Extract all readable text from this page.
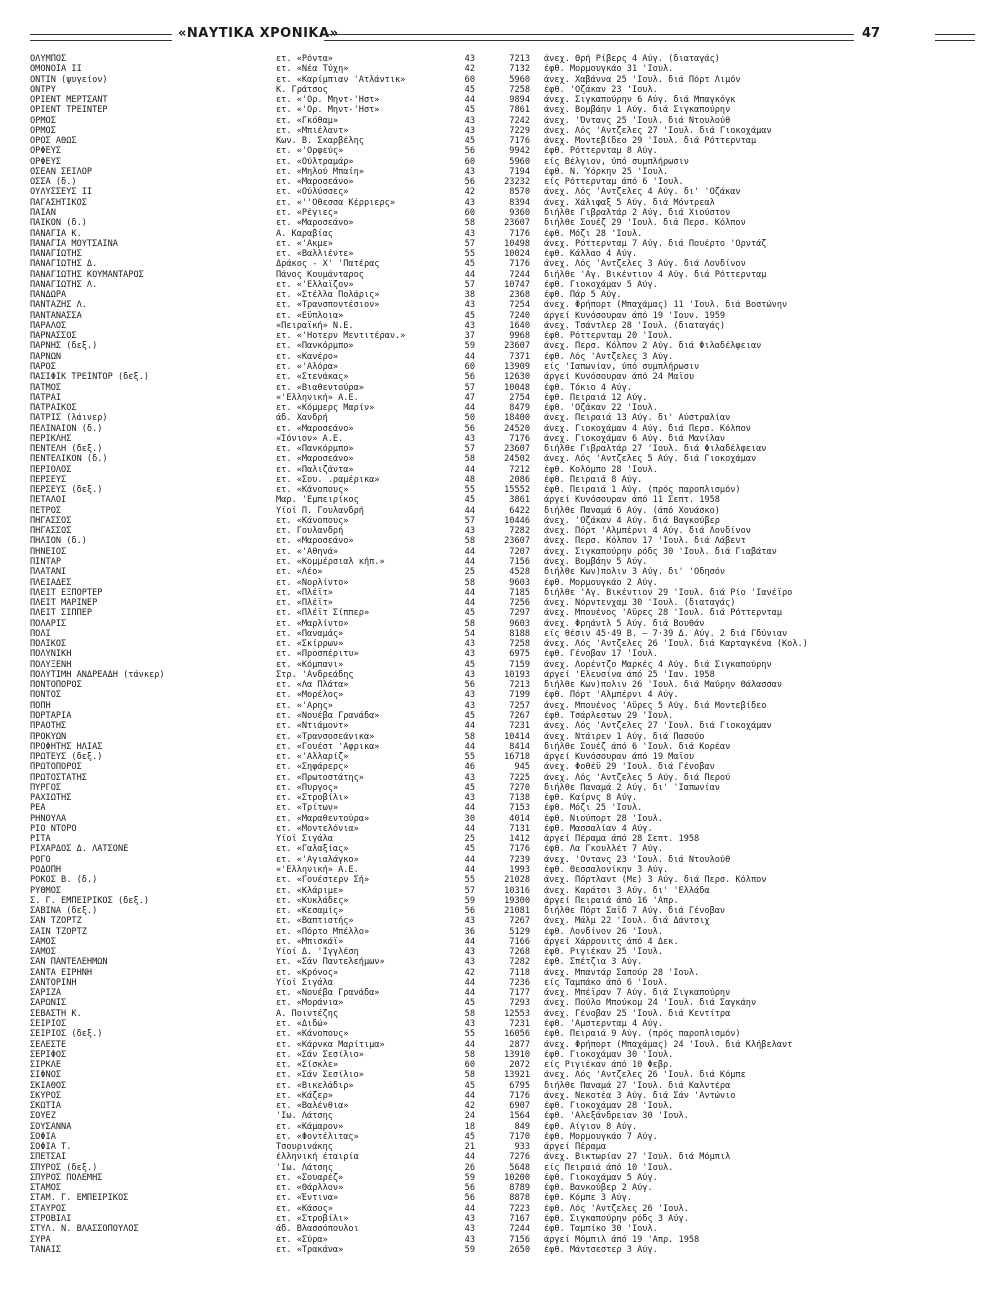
«ΝΑΥΤΙΚΑ ΧΡΟΝΙΚΑ»	47
ΟΛΥΜΠΟΣ	ετ. «Ρόντα»	43	7213 άνεχ. Θρή Ρίβερς 4 Αύγ. (διαταγάς)
ΟΜΟΝΟΙΑ ΙΙ	ετ. «Νέα Τύχη»	42	7132 έφθ. Μορμουγκάο 31 'Ιουλ.
ΟΝΤΙΝ (ψυγείον)	ετ. «Καρίμπιαν 'Ατλάντικ»	60	5960 άνεχ. Χαβάννα 25 'Ιουλ. διά Πόρτ Λιμόν
ΟΝΤΡΥ	Κ. Γράτσος	45	7258 έφθ. 'Οζάκαν 23 'Ιουλ.
ΟΡΙΕΝΤ ΜΕΡΤΣΑΝΤ	ετ. «'Ορ. Μηντ-'Ηστ»	44	9894 άνεχ. Σιγκαπούρην 6 Αύγ. διά Μπαγκόγκ
ΟΡΙΕΝΤ ΤΡΕΪΝΤΕΡ	ετ. «'Ορ. Μηντ-'Ηστ»	45	7861 άνεχ. Βομβάην 1 Αύγ. διά Σιγκαπούρην
ΟΡΜΟΣ	ετ. «Γκόθαμ»	43	7242 άνεχ. 'Όντανς 25 'Ιουλ. διά Ντουλούθ
ΟΡΜΟΣ	ετ. «Μπιέλαντ»	43	7229 άνεχ. Λός 'Αντζελες 27 'Ιουλ. διά Γιοκοχάμαν
ΟΡΟΣ ΑΘΩΣ	Κων. Β. Σκαρβέλης	45	7176 άνεχ. Μοντεβίδεο 29 'Ιουλ. διά Ρόττερνταμ
ΟΡΦΕΥΣ	ετ. «'Ορφεύς»	56	9942 έφθ. Ρόττερνταμ 8 Αύγ.
ΟΡΦΕΥΣ	ετ. «Ούλτραμάρ»	60	5960 είς Βέλγιον, ύπό συμπλήρωσιν
ΟΣΕΑΝ ΣΕΪΛΟΡ	ετ. «Μηλού Μπαίη»	43	7194 έφθ. Ν. Ύόρκην 25 'Ιουλ.
ΟΣΣΑ (δ.)	ετ. «Μαροσεάνο»	56	23232 είς Ρόττερνταμ άπό 6 'Ιουλ.
ΟΥΛΥΣΣΕΥΣ ΙΙ	ετ. «Ούλύσσες»	42	8570 άνεχ. Λός 'Αντζελες 4 Αύγ. δι' 'Οζάκαν
ΠΑΓΑΣΗΤΙΚΟΣ	ετ. «''Οθεσσα Κέρριερς»	43	8394 άνεχ. Χάλιφαξ 5 Αύγ. διά Μόντρεαλ
ΠΑΙΑΝ	ετ. «Ρέγιες»	60	9360 διήλθε Γιβραλτάρ 2 Αύγ. διά Χιούστον
ΠΑΪΚΟΝ (δ.)	ετ. «Μαροσεάνο»	58	23607 διήλθε Σουέζ 29 'Ιουλ. διά Περσ. Κόλπον
ΠΑΝΑΓΙΑ Κ.	Α. Καραβίας	43	7176 έφθ. Μόζι 28 'Ιουλ.
ΠΑΝΑΓΙΑ ΜΟΥΤΣΑΙΝΑ	ετ. «'Ακμε»	57	10498 άνεχ. Ρόττερνταμ 7 Αύγ. διά Πουέρτο 'Ορντάζ
ΠΑΝΑΓΙΩΤΗΣ	ετ. «Βαλλιέντε»	55	10024 έφθ. Κάλλαο 4 Αύγ.
ΠΑΝΑΓΙΩΤΗΣ Δ.	Δράκος - Χ' 'Πατέρας	45	7176 άνεχ. Λός 'Αντζελες 3 Αύγ. διά Λονδίνον
ΠΑΝΑΓΙΩΤΗΣ ΚΟΥΜΑΝΤΑΡΟΣ	Πάνος Κουμάνταρος	44	7244 διήλθε 'Αγ. Βικέντιον 4 Αύγ. διά Ρόττερνταμ
ΠΑΝΑΓΙΩΤΗΣ Λ.	ετ. «'Ελλαϊζον»	57	10747 έφθ. Γιοκοχάμαν 5 Αύγ.
ΠΑΝΔΩΡΑ	ετ. «Στέλλα Πολάρις»	38	2368 έφθ. Πάρ 5 Αύγ.
ΠΑΝΤΑΖΗΣ Λ.	ετ. «Τρανσποντέσιον»	43	7254 άνεχ. Φρήπορτ (Μπαχάμας) 11 'Ιουλ. διά Βοστώνην
ΠΑΝΤΑΝΑΣΣΑ	ετ. «Εϋπλοια»	45	7240 άργεί Κυνόσουραν άπό 19 'Ιουν. 1959
ΠΑΡΑΛΟΣ	«Πειραϊκή» Ν.Ε.	43	1640 άνεχ. Τσάντλερ 28 'Ιουλ. (διαταγάς)
ΠΑΡΝΑΣΣΟΣ	ετ. «'Ηοτερν Μεντιτέραν.»	37	9968 έφθ. Ρόττερνταμ 20 'Ιουλ.
ΠΑΡΝΗΣ (δεξ.)	ετ. «Πανκόρμπο»	59	23607 άνεχ. Περσ. Κόλπον 2 Αύγ. διά Φιλαδέλφειαν
ΠΑΡΝΩΝ	ετ. «Κανέρο»	44	7371 έφθ. Λός 'Αντζελες 3 Αύγ.
ΠΑΡΟΣ	ετ. «'Αλόρα»	60	13909 είς 'Ιαπωνίαν, ύπό συμπλήρωσιν
ΠΑΣΙΦΙΚ ΤΡΕΪΝΤΟΡ (δεξ.)	ετ. «Στενάκας»	56	12630 άργεί Κυνόσουραν άπό 24 Μαΐου
ΠΑΤΜΟΣ	ετ. «Βιαθεντούρα»	57	10048 έφθ. Τόκιο 4 Αύγ.
ΠΑΤΡΑΙ	«'Ελληνική» Α.Ε.	47	2754 έφθ. Πειραιά 12 Αύγ.
ΠΑΤΡΑΪΚΟΣ	ετ. «Κόμμερς Μαρίν»	44	8479 έφθ. 'Οζάκαν 22 'Ιουλ.
ΠΑΤΡΙΣ (λάινερ)	άδ. Χανδρή	50	18400 άνεχ. Πειραιά 13 Αύγ. δι' Αύστραλίαν
ΠΕΛΙΝΑΙΟΝ (δ.)	ετ. «Μαροσεάνο»	56	24520 άνεχ. Γιοκοχάμαν 4 Αύγ. διά Περσ. Κόλπον
ΠΕΡΙΚΛΗΣ	«Ίόνιον» Α.Ε.	43	7176 άνεχ. Γιοκοχάμαν 6 Αύγ. διά Μανίλαν
ΠΕΝΤΕΛΗ (δεξ.)	ετ. «Πανκόρμπο»	57	23607 διήλθε Γιβραλτάρ 27 'Ιουλ. διά Φιλαδέλφειαν
ΠΕΝΤΕΛΙΚΟΝ (δ.)	ετ. «Μαροσεάνο»	58	24502 άνεχ. Λός 'Αντζελες 5 Αύγ. διά Γιοκοχάμαν
ΠΕΡΙΟΛΟΣ	ετ. «Παλιζάντα»	44	7212 έφθ. Κολόμπο 28 'Ιουλ.
ΠΕΡΣΕΥΣ	ετ. «Σου. .ραμέρικα»	48	2086 έφθ. Πειραιά 8 Αύγ.
ΠΕΡΣΕΥΣ (δεξ.)	ετ. «Κάνοπους»	55	15552 έφθ. Πειραιά 1 Αύγ. (πρός παροπλισμόν)
ΠΕΤΑΛΟΙ	Μαρ. 'Εμπειρίκος	45	3861 άργεί Κυνόσουραν άπό 11 Σεπτ. 1958
ΠΕΤΡΟΣ	Υίοί Π. Γουλανδρή	44	6422 διήλθε Παναμά 6 Αύγ. (άπό Χουάσκο)
ΠΗΓΑΣΣΟΣ	ετ. «Κάνοπους»	57	10446 άνεχ. 'Οζάκαν 4 Αύγ. διά Βαγκούβερ
ΠΗΓΑΣΣΟΣ	ετ. Γουλανδρή	43	7282 άνεχ. Πόρτ 'Αλμπέρνι 4 Αύγ. διά Λονδίνον
ΠΗΛΙΟΝ (δ.)	ετ. «Μαροσεάνο»	58	23607 άνεχ. Περσ. Κόλπον 17 'Ιουλ. διά Λάβεντ
ΠΗΝΕΙΟΣ	ετ. «'Αθηνά»	44	7207 άνεχ. Σιγκαπούρην ρόδς 30 'Ιουλ. διά Γιαβάταν
ΠΙΝΤΑΡ	ετ. «Κομμέρσιαλ κήπ.»	44	7156 άνεχ. Βομβάην 5 Αύγ.
ΠΛΑΤΑΝΙ	ετ. «Λέο»	25	4528 διήλθε Κων)πολιν 3 Αύγ. δι' 'Οδησόν
ΠΛΕΙΑΔΕΣ	ετ. «Νορλίντο»	58	9603 έφθ. Μορμουγκάο 2 Αύγ.
ΠΛΕΪΤ ΕΞΠΟΡΤΕΡ	ετ. «Πλέϊτ»	44	7185 διήλθε 'Αγ. Βικέντιον 29 'Ιουλ. διά Ρίο 'Ιανέϊρο
ΠΛΕΪΤ ΜΑΡΙΝΕΡ	ετ. «Πλέϊτ»	44	7256 άνεχ. Νόρντενχαμ 30 'Ιουλ. (διαταγάς)
ΠΛΕΪΤ ΣΙΠΠΕΡ	ετ. «Πλέϊτ Σίππερ»	45	7297 άνεχ. Μπουένος 'Αϋρες 28 'Ιουλ. διά Ρόττερνταμ
ΠΟΛΑΡΙΣ	ετ. «Μαρλίντο»	58	9603 άνεχ. Φρηάντλ 5 Αύγ. διά Βουθάν
ΠΟΛΙ	ετ. «Παναμάς»	54	8188 είς θέσιν 45·49 Β. — 7·39 Δ. Αύγ. 2 διά Γδύνιαν
ΠΟΛΙΚΟΣ	ετ. «Σκίρρων»	43	7258 άνεχ. Λός 'Αντζελες 26 'Ιουλ. διά Καρταγκένα (Κολ.)
ΠΟΛΥΝΙΚΗ	ετ. «Προσπέριτυ»	43	6975 έφθ. Γένοβαν 17 'Ιουλ.
ΠΟΛΥΞΕΝΗ	ετ. «Κόμπανι»	45	7159 άνεχ. Λορέντζο Μαρκές 4 Αύγ. διά Σιγκαπούρην
ΠΟΛΥΤΙΜΗ ΑΝΔΡΕΑΔΗ (τάνκερ)	Στρ. 'Ανδρεάδης	43	10193 άργεί 'Ελευσίνα άπό 25 'Ιαν. 1958
ΠΟΝΤΟΠΟΡΟΣ	ετ. «Λα Πλάτα»	56	7213 διήλθε Κων)πολιν 26 'Ιουλ. διά Μαύρην Θάλασσαν
ΠΟΝΤΟΣ	ετ. «Μορέλος»	43	7199 έφθ. Πόρτ 'Αλμπέρνι 4 Αύγ.
ΠΟΠΗ	ετ. «'Αρης»	43	7257 άνεχ. Μπουένος 'Αϋρες 5 Αύγ. διά Μοντεβίδεο
ΠΟΡΤΑΡΙΑ	ετ. «Νουέβα Γρανάδα»	45	7267 έφθ. Τσάρλεστων 29 'Ιουλ.
ΠΡΑΟΤΗΣ	ετ. «Ντιάμοντ»	44	7231 άνεχ. Λός 'Αντζελες 27 'Ιουλ. διά Γιοκοχάμαν
ΠΡΟΚΥΩΝ	ετ. «Τρανσοσεάνικα»	58	10414 άνεχ. Ντάιρεν 1 Αύγ. διά Πασούο
ΠΡΟΦΗΤΗΣ ΗΛΙΑΣ	ετ. «Γουέστ 'Αφρικα»	44	8414 διήλθε Σουέζ άπό 6 'Ιουλ. διά Κορέαν
ΠΡΩΤΕΥΣ (δεξ.)	ετ. «'Αλλαρίζ»	55	16718 άργεί Κυνόσουραν άπό 19 Μαΐου
ΠΡΩΤΟΠΟΡΟΣ	ετ. «Σηφάρερς»	46	945 άνεχ. Φοθέϋ 29 'Ιουλ. διά Γένοβαν
ΠΡΩΤΟΣΤΑΤΗΣ	ετ. «Πρωτοστάτης»	43	7225 άνεχ. Λός 'Αντζελες 5 Αύγ. διά Περού
ΠΥΡΓΟΣ	ετ. «Πυργος»	45	7270 διήλθε Παναμά 2 Αύγ. δι' 'Ιαπωνίαν
ΡΑΧΙΩΤΗΣ	ετ. «Στροβίλι»	43	7138 έφθ. Καίρνς 8 Αύγ.
ΡΕΑ	ετ. «Τρίτων»	44	7153 έφθ. Μόζι 25 'Ιουλ.
ΡΗΝΟΥΛΑ	ετ. «Μαραθεντούρα»	30	4014 έφθ. Νιούπορτ 28 'Ιουλ.
ΡΙΟ ΝΤΟΡΟ	ετ. «Μοντελόνια»	44	7131 έφθ. Μασσαλίαν 4 Αύγ.
ΡΙΤΑ	Υίοί Σιγάλα	25	1412 άργεί Πέραμα άπό 28 Σεπτ. 1958
ΡΙΧΑΡΔΟΣ Δ. ΛΑΤΣΟΝΕ	ετ. «Γαλαξίας»	45	7176 έφθ. Λα Γκουλλέτ 7 Αύγ.
ΡΟΓΟ	ετ. «'Αγιαλάγκο»	44	7239 άνεχ. 'Οντανς 23 'Ιουλ. διά Ντουλούθ
ΡΟΔΟΠΗ	«'Ελληνική» Α.Ε.	44	1993 έφθ. Θεσσαλονίκην 3 Αύγ.
ΡΟΚΟΣ Β. (δ.)	ετ. «Γουέστερν Σή»	55	21028 άνεχ. Πόρτλαντ (Με) 3 Αύγ. διά Περσ. Κόλπον
ΡΥΘΜΟΣ	ετ. «Κλάριμε»	57	10316 άνεχ. Καράτσι 3 Αύγ. δι' 'Ελλάδα
Σ. Γ. ΕΜΠΕΙΡΙΚΟΣ (δεξ.)	ετ. «Κυκλάδες»	59	19300 άργεί Πειραιά άπό 16 'Απρ.
ΣΑΒΙΝΑ (δεξ.)	ετ. «Κεσαμίς»	56	21081 διήλθε Πόρτ Σαΐδ 7 Αύγ. διά Γένοβαν
ΣΑΝ ΤΖΟΡΤΖ	ετ. «Βαπτιστής»	43	7267 άνεχ. Μάλμ 22 'Ιουλ. διά Δάντσιχ
ΣΑΙΝ ΤΖΟΡΤΖ	ετ. «Πόρτο Μπέλλο»	36	5129 έφθ. Λονδίνον 26 'Ιουλ.
ΣΑΜΟΣ	ετ. «Μπισκάϊ»	44	7166 άργεί Χάρρουιτς άπό 4 Δεκ.
ΣΑΜΟΣ	Υίοί Δ. 'Ιγγλέση	43	7268 έφθ. Ριγιέκαν 25 'Ιουλ.
ΣΑΝ ΠΑΝΤΕΛΕΗΜΩΝ	ετ. «Σάν Παντελεήμων»	43	7282 έφθ. Σπέτζια 3 Αύγ.
ΣΑΝΤΑ ΕΙΡΗΝΗ	ετ. «Κρόνος»	42	7118 άνεχ. Μπαντάρ Σαπούρ 28 'Ιουλ.
ΣΑΝΤΟΡΙΝΗ	Υίοί Σιγάλα	44	7236 είς Ταμπάκο άπό 6 'Ιουλ.
ΣΑΡΙΖΑ	ετ. «Νουέβα Γρανάδα»	44	7177 άνεχ. Μπέϊραν 7 Αύγ. διά Σιγκαπούρην
ΣΑΡΩΝΙΣ	ετ. «Μοράνια»	45	7293 άνεχ. Πούλο Μπούκομ 24 'Ιουλ. διά Σαγκάην
ΣΕΒΑΣΤΗ Κ.	Α. Ποιντέζης	58	12553 άνεχ. Γένοβαν 25 'Ιουλ. διά Κεντίτρα
ΣΕΙΡΙΟΣ	ετ. «Διδώ»	43	7231 έφθ. 'Αμστερνταμ 4 Αύγ.
ΣΕΙΡΙΟΣ (δεξ.)	ετ. «Κάνοπους»	55	16056 έφθ. Πειραιά 9 Αύγ. (πρός παροπλισμόν)
ΣΕΛΕΣΤΕ	ετ. «Κάρνκα Μαρίτιμα»	44	2877 άνεχ. Φρήπορτ (Μπαχάμας) 24 'Ιουλ. διά Κλήβελαντ
ΣΕΡΙΦΟΣ	ετ. «Σάν Σεσίλιο»	58	13910 έφθ. Γιοκοχάμαν 30 'Ιουλ.
ΣΙΡΚΛΕ	ετ. «Σίσκλε»	60	2072 είς Ριγιέκαν άπό 10 Φεβρ.
ΣΙΦΝΟΣ	ετ. «Σάν Σεσίλιο»	58	13921 άνεχ. Λός 'Αντζελες 26 'Ιουλ. διά Κόμπε
ΣΚΙΑΘΟΣ	ετ. «Βικελάδιρ»	45	6795 διήλθε Παναμά 27 'Ιουλ. διά Καλντέρα
ΣΚΥΡΟΣ	ετ. «Κάζερ»	44	7176 άνεχ. Νεκοτέα 3 Αύγ. διά Σάν 'Αντώνιο
ΣΚΩΤΙΑ	ετ. «Βαλένθια»	42	6907 έφθ. Γιοκοχάμαν 28 'Ιουλ.
ΣΟΥΕΖ	'Ιω. Λάτσης	24	1564 έφθ. 'Αλεξάνδρειαν 30 'Ιουλ.
ΣΟΥΣΑΝΝΑ	ετ. «Κάμαρον»	18	849 έφθ. Αίγιον 8 Αύγ.
ΣΟΦΙΑ	ετ. «Φοντέλιτας»	45	7170 έφθ. Μορμουγκάο 7 Αύγ.
ΣΟΦΙΑ Τ.	Τσουρινάκης	21	933 άργεί Πέραμα
ΣΠΕΤΣΑΙ	έλληνική έταιρία	44	7276 άνεχ. Βικτωρίαν 27 'Ιουλ. διά Μόμπιλ
ΣΠΥΡΟΣ (δεξ.)	'Ιω. Λάτσης	26	5648 είς Πειραιά άπό 10 'Ιουλ.
ΣΠΥΡΟΣ ΠΟΛΕΜΗΣ	ετ. «Σουαρέζ»	59	10200 έφθ. Γιοκοχάμαν 5 Αύγ.
ΣΤΑΜΟΣ	ετ. «Θάρλλον»	56	8789 έφθ. Βανκούβερ 2 Αύγ.
ΣΤΑΜ. Γ. ΕΜΠΕΙΡΙΚΟΣ	ετ. «Έντινα»	56	8878 έφθ. Κόμπε 3 Αύγ.
ΣΤΑΥΡΟΣ	ετ. «Κάσος»	44	7223 έφθ. Λός 'Αντζελες 26 'Ιουλ.
ΣΤΡΟΒΙΛΙ	ετ. «Στροβίλι»	43	7167 έφθ. Σιγκαπούρην ρόδς 3 Αύγ.
ΣΤΥΛ. Ν. ΒΛΑΣΣΟΠΟΥΛΟΣ	άδ. Βλασσόπουλοι	43	7244 έφθ. Ταμπίκο 30 'Ιουλ.
ΣΥΡΑ	ετ. «Σύρα»	43	7156 άργεί Μόμπιλ άπό 19 'Απρ. 1958
ΤΑΝΑΪΣ	ετ. «Τρακάνα»	59	2650 έφθ. Μάντσεστερ 3 Αύγ.
